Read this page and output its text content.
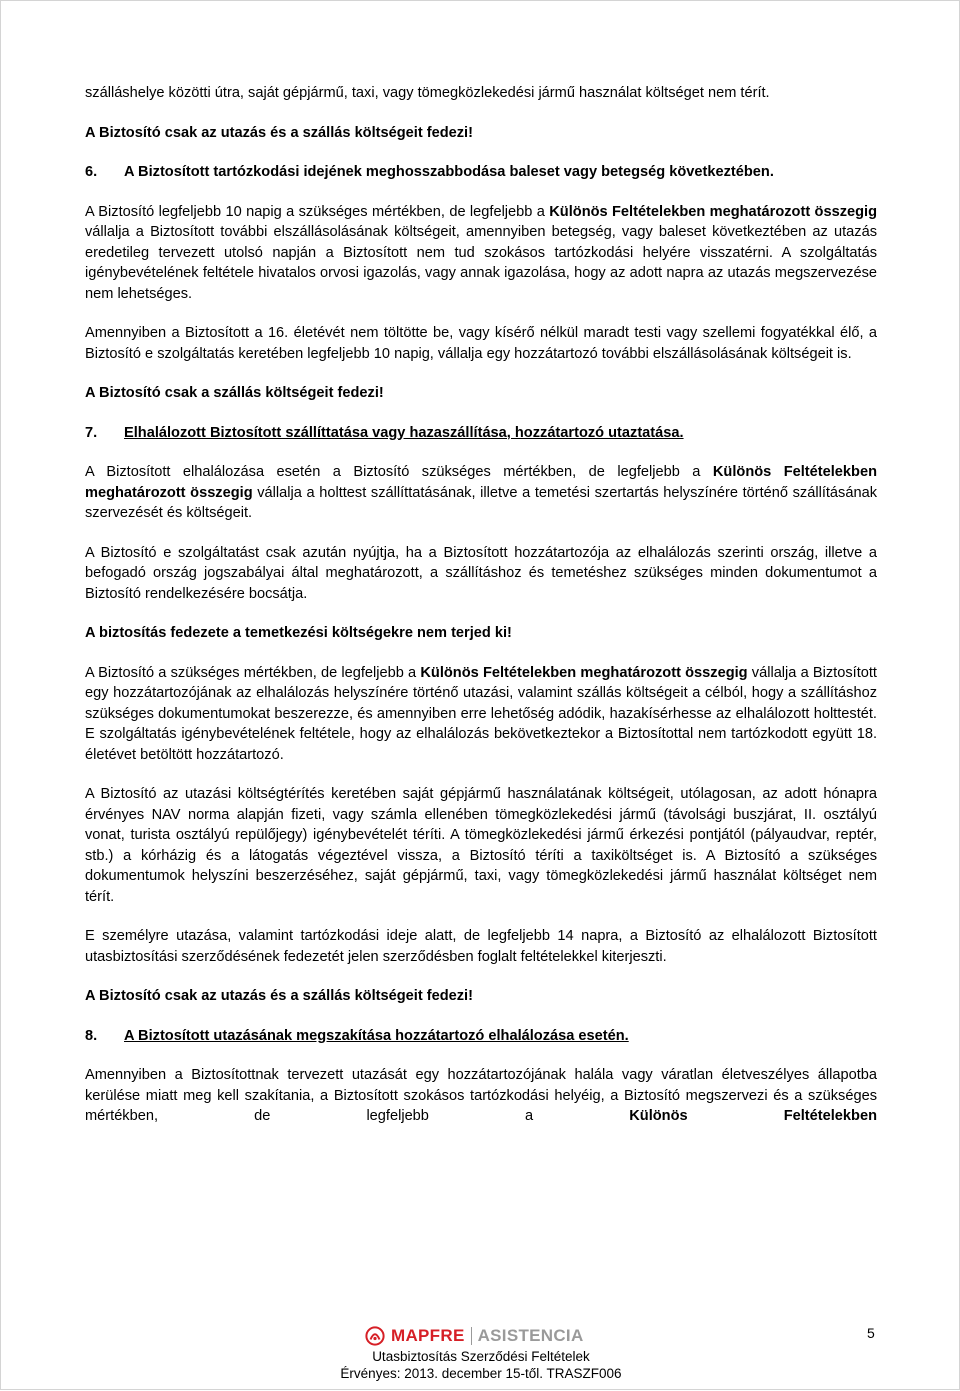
szálláshelye közötti útra, saját gépjármű, taxi, vagy tömegközlekedési jármű használat költséget nem térít.

A Biztosító csak az utazás és a szállás költségeit fedezi!

6.	A Biztosított tartózkodási idejének meghosszabbodása baleset vagy betegség következtében.

A Biztosító legfeljebb 10 napig a szükséges mértékben, de legfeljebb a Különös Feltételekben meghatározott összegig vállalja a Biztosított további elszállásolásának költségeit, amennyiben betegség, vagy baleset következtében az utazás eredetileg tervezett utolsó napján a Biztosított nem tud szokásos tartózkodási helyére visszatérni. A szolgáltatás igénybevételének feltétele hivatalos orvosi igazolás, vagy annak igazolása, hogy az adott napra az utazás megszervezése nem lehetséges.

Amennyiben a Biztosított a 16. életévét nem töltötte be, vagy kísérő nélkül maradt testi vagy szellemi fogyatékkal élő, a Biztosító e szolgáltatás keretében legfeljebb 10 napig, vállalja egy hozzátartozó további elszállásolásának költségeit is.

A Biztosító csak a szállás költségeit fedezi!

7.	Elhalálozott Biztosított szállíttatása vagy hazaszállítása, hozzátartozó utaztatása.

A Biztosított elhalálozása esetén a Biztosító szükséges mértékben, de legfeljebb a Különös Feltételekben meghatározott összegig vállalja a holttest szállíttatásának, illetve a temetési szertartás helyszínére történő szállításának szervezését és költségeit.

A Biztosító e szolgáltatást csak azután nyújtja, ha a Biztosított hozzátartozója az elhalálozás szerinti ország, illetve a befogadó ország jogszabályai által meghatározott, a szállításhoz és temetéshez szükséges minden dokumentumot a Biztosító rendelkezésére bocsátja.

A biztosítás fedezete a temetkezési költségekre nem terjed ki!

A Biztosító a szükséges mértékben, de legfeljebb a Különös Feltételekben meghatározott összegig vállalja a Biztosított egy hozzátartozójának az elhalálozás helyszínére történő utazási, valamint szállás költségeit a célból, hogy a szállításhoz szükséges dokumentumokat beszerezze, és amennyiben erre lehetőség adódik, hazakísérhesse az elhalálozott holttestét. E szolgáltatás igénybevételének feltétele, hogy az elhalálozás bekövetkeztekor a Biztosítottal nem tartózkodott együtt 18. életévet betöltött hozzátartozó.

A Biztosító az utazási költségtérítés keretében saját gépjármű használatának költségeit, utólagosan, az adott hónapra érvényes NAV norma alapján fizeti, vagy számla ellenében tömegközlekedési jármű (távolsági buszjárat, II. osztályú vonat, turista osztályú repülőjegy) igénybevételét téríti. A tömegközlekedési jármű érkezési pontjától (pályaudvar, reptér, stb.) a kórházig és a látogatás végeztével vissza, a Biztosító téríti a taxiköltséget is. A Biztosító a szükséges dokumentumok helyszíni beszerzéséhez, saját gépjármű, taxi, vagy tömegközlekedési jármű használat költséget nem térít.

E személyre utazása, valamint tartózkodási ideje alatt, de legfeljebb 14 napra, a Biztosító az elhalálozott Biztosított utasbiztosítási szerződésének fedezetét jelen szerződésben foglalt feltételekkel kiterjeszti.

A Biztosító csak az utazás és a szállás költségeit fedezi!

8.	A Biztosított utazásának megszakítása hozzátartozó elhalálozása esetén.

Amennyiben a Biztosítottnak tervezett utazását egy hozzátartozójának halála vagy váratlan életveszélyes állapotba kerülése miatt meg kell szakítania, a Biztosított szokásos tartózkodási helyéig, a Biztosító megszervezi és a szükséges mértékben, de legfeljebb a Különös Feltételekben

MAPFRE ASISTENCIA
Utasbiztosítás Szerződési Feltételek
Érvényes: 2013. december 15-től. TRASZF006
5
